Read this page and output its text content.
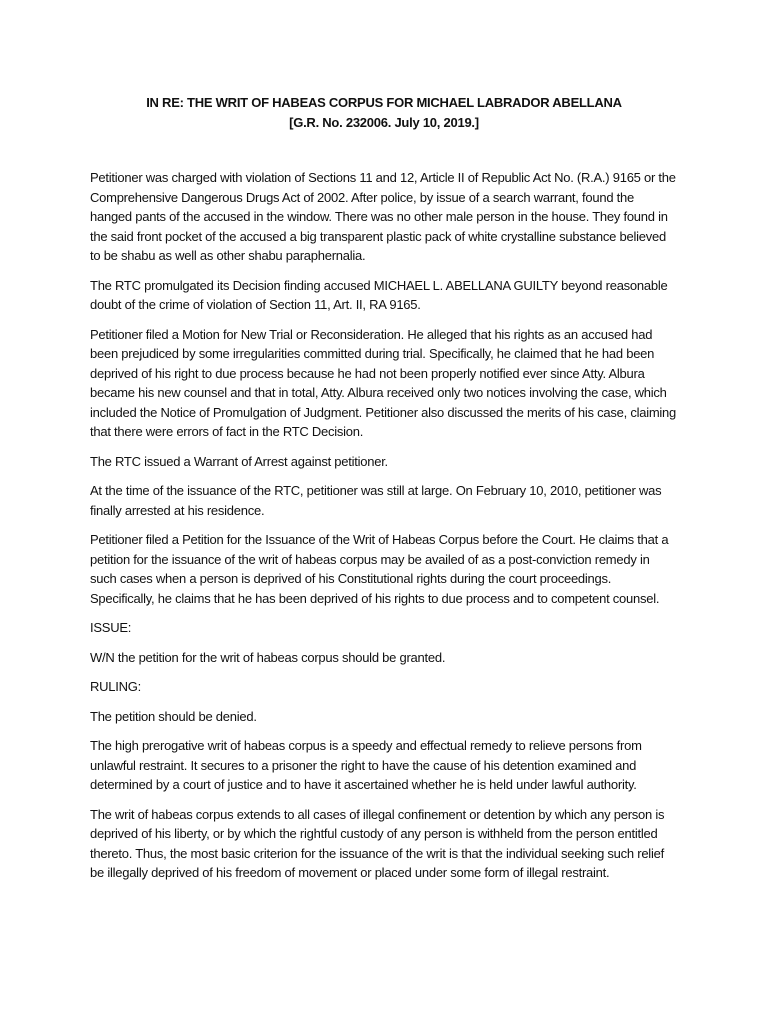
IN RE: THE WRIT OF HABEAS CORPUS FOR MICHAEL LABRADOR ABELLANA
[G.R. No. 232006. July 10, 2019.]

Petitioner was charged with violation of Sections 11 and 12, Article II of Republic Act No. (R.A.) 9165 or the Comprehensive Dangerous Drugs Act of 2002. After police, by issue of a search warrant, found the hanged pants of the accused in the window. There was no other male person in the house. They found in the said front pocket of the accused a big transparent plastic pack of white crystalline substance believed to be shabu as well as other shabu paraphernalia.

The RTC promulgated its Decision finding accused MICHAEL L. ABELLANA GUILTY beyond reasonable doubt of the crime of violation of Section 11, Art. II, RA 9165.

Petitioner filed a Motion for New Trial or Reconsideration. He alleged that his rights as an accused had been prejudiced by some irregularities committed during trial. Specifically, he claimed that he had been deprived of his right to due process because he had not been properly notified ever since Atty. Albura became his new counsel and that in total, Atty. Albura received only two notices involving the case, which included the Notice of Promulgation of Judgment. Petitioner also discussed the merits of his case, claiming that there were errors of fact in the RTC Decision.

The RTC issued a Warrant of Arrest against petitioner.

At the time of the issuance of the RTC, petitioner was still at large. On February 10, 2010, petitioner was finally arrested at his residence.

Petitioner filed a Petition for the Issuance of the Writ of Habeas Corpus before the Court. He claims that a petition for the issuance of the writ of habeas corpus may be availed of as a post-conviction remedy in such cases when a person is deprived of his Constitutional rights during the court proceedings. Specifically, he claims that he has been deprived of his rights to due process and to competent counsel.

ISSUE:

W/N the petition for the writ of habeas corpus should be granted.

RULING:

The petition should be denied.

The high prerogative writ of habeas corpus is a speedy and effectual remedy to relieve persons from unlawful restraint. It secures to a prisoner the right to have the cause of his detention examined and determined by a court of justice and to have it ascertained whether he is held under lawful authority.

The writ of habeas corpus extends to all cases of illegal confinement or detention by which any person is deprived of his liberty, or by which the rightful custody of any person is withheld from the person entitled thereto. Thus, the most basic criterion for the issuance of the writ is that the individual seeking such relief be illegally deprived of his freedom of movement or placed under some form of illegal restraint.
